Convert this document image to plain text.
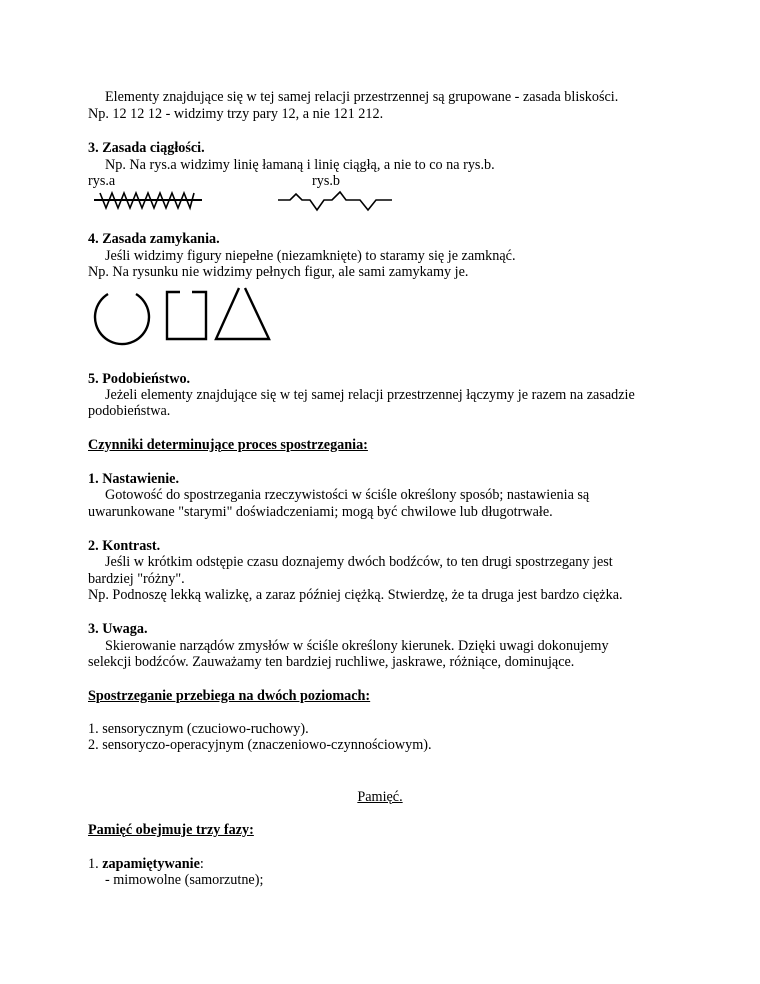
Elementy znajdujące się w tej samej relacji przestrzennej są grupowane - zasada bliskości.
Np. 12 12 12 - widzimy trzy pary 12, a nie 121 212.
3. Zasada ciągłości.
Np. Na rys.a widzimy linię łamaną i linię ciągłą, a nie to co na rys.b.
rys.a	rys.b
4. Zasada zamykania.
Jeśli widzimy figury niepełne (niezamknięte) to staramy się je zamknąć.
Np. Na rysunku nie widzimy pełnych figur, ale sami zamykamy je.
5. Podobieństwo.
Jeżeli elementy znajdujące się w tej samej relacji przestrzennej łączymy je razem na zasadzie
podobieństwa.
Czynniki determinujące proces spostrzegania:
1. Nastawienie.
Gotowość do spostrzegania rzeczywistości w ściśle określony sposób; nastawienia są
uwarunkowane "starymi" doświadczeniami; mogą być chwilowe lub długotrwałe.
2. Kontrast.
Jeśli w krótkim odstępie czasu doznajemy dwóch bodźców, to ten drugi spostrzegany jest
bardziej "różny".
Np. Podnoszę lekką walizkę, a zaraz później ciężką. Stwierdzę, że ta druga jest bardzo ciężka.
3. Uwaga.
Skierowanie narządów zmysłów w ściśle określony kierunek. Dzięki uwagi dokonujemy
selekcji bodźców. Zauważamy ten bardziej ruchliwe, jaskrawe, różniące, dominujące.
Spostrzeganie przebiega na dwóch poziomach:
1. sensorycznym (czuciowo-ruchowy).
2. sensoryczo-operacyjnym (znaczeniowo-czynnościowym).
Pamięć.
Pamięć obejmuje trzy fazy:
1. zapamiętywanie:
- mimowolne (samorzutne);
